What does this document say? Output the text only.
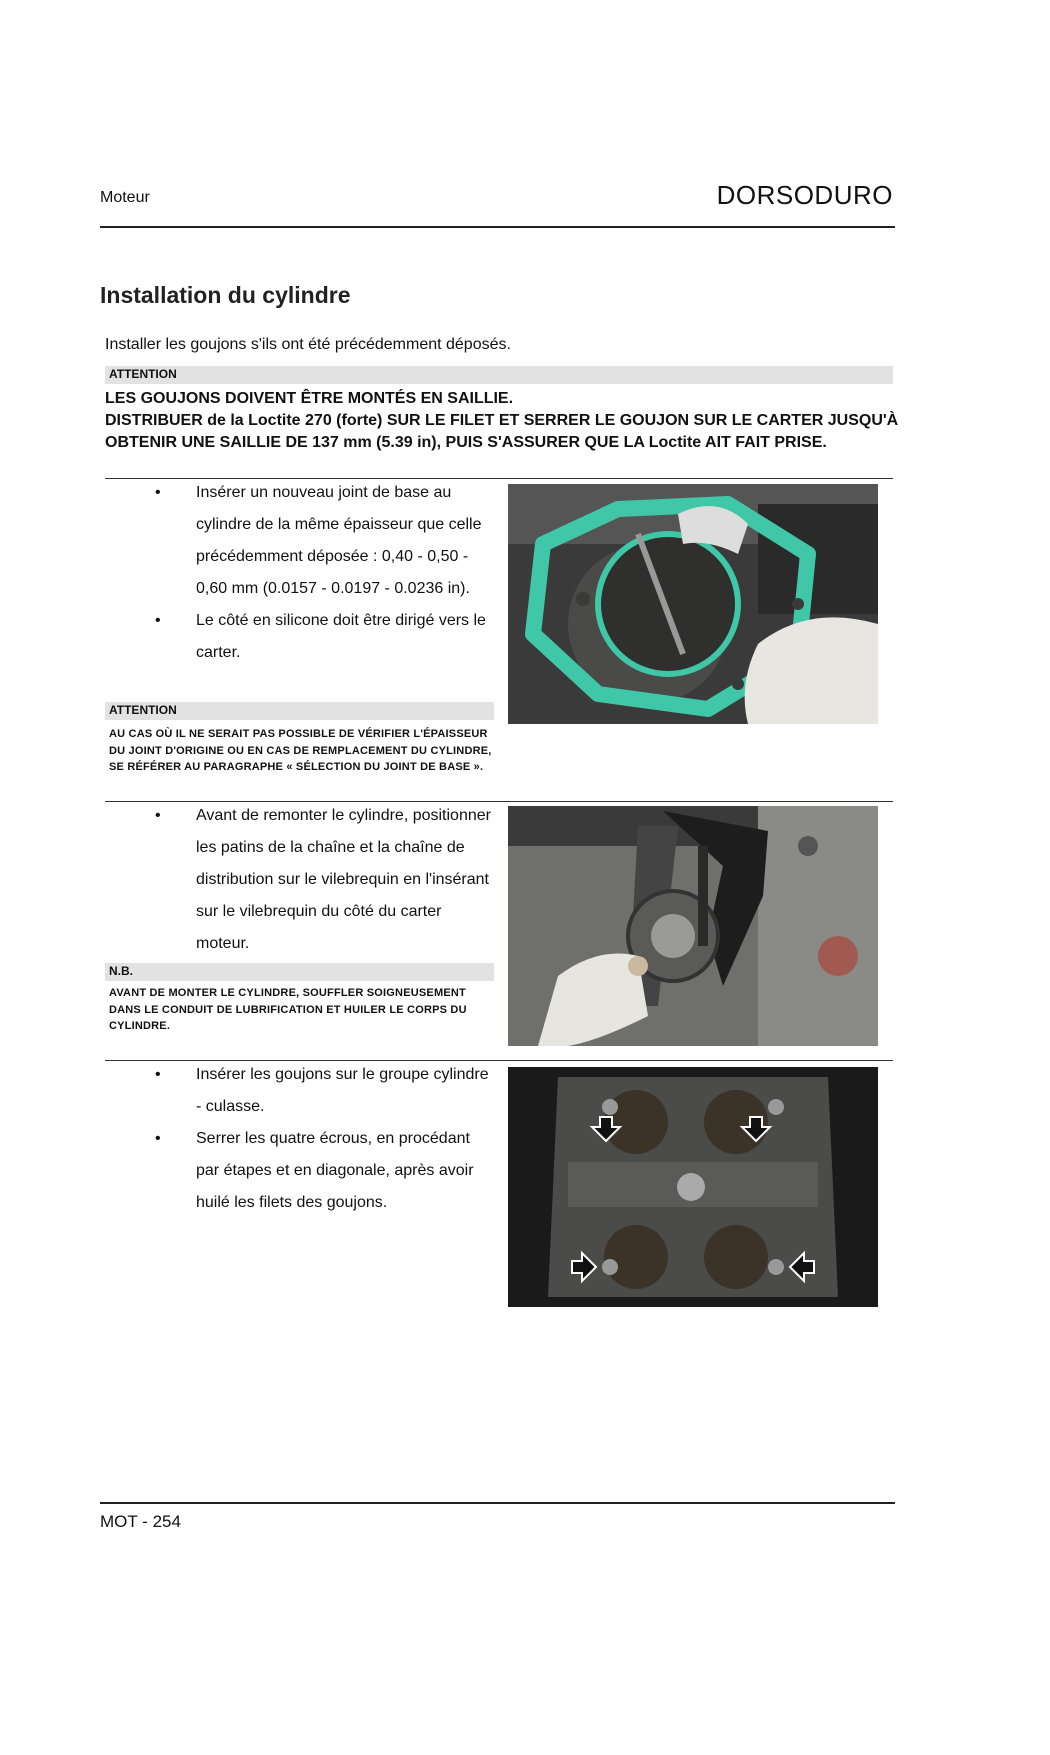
Moteur	DORSODURO
Installation du cylindre
Installer les goujons s'ils ont été précédemment déposés.
ATTENTION
LES GOUJONS DOIVENT ÊTRE MONTÉS EN SAILLIE.
DISTRIBUER de la Loctite 270 (forte) SUR LE FILET ET SERRER LE GOUJON SUR LE CARTER JUSQU'À OBTENIR UNE SAILLIE DE 137 mm (5.39 in), PUIS S'ASSURER QUE LA Loctite AIT FAIT PRISE.
• Insérer un nouveau joint de base au cylindre de la même épaisseur que celle précédemment déposée : 0,40 - 0,50 - 0,60 mm (0.0157 - 0.0197 - 0.0236 in).
• Le côté en silicone doit être dirigé vers le carter.
ATTENTION
AU CAS OÙ IL NE SERAIT PAS POSSIBLE DE VÉRIFIER L'ÉPAISSEUR DU JOINT D'ORIGINE OU EN CAS DE REMPLACEMENT DU CYLINDRE, SE RÉFÉRER AU PARAGRAPHE « SÉLECTION DU JOINT DE BASE ».
• Avant de remonter le cylindre, positionner les patins de la chaîne et la chaîne de distribution sur le vilebrequin en l'insérant sur le vilebrequin du côté du carter moteur.
N.B.
AVANT DE MONTER LE CYLINDRE, SOUFFLER SOIGNEUSEMENT DANS LE CONDUIT DE LUBRIFICATION ET HUILER LE CORPS DU CYLINDRE.
• Insérer les goujons sur le groupe cylindre - culasse.
• Serrer les quatre écrous, en procédant par étapes et en diagonale, après avoir huilé les filets des goujons.
MOT - 254
